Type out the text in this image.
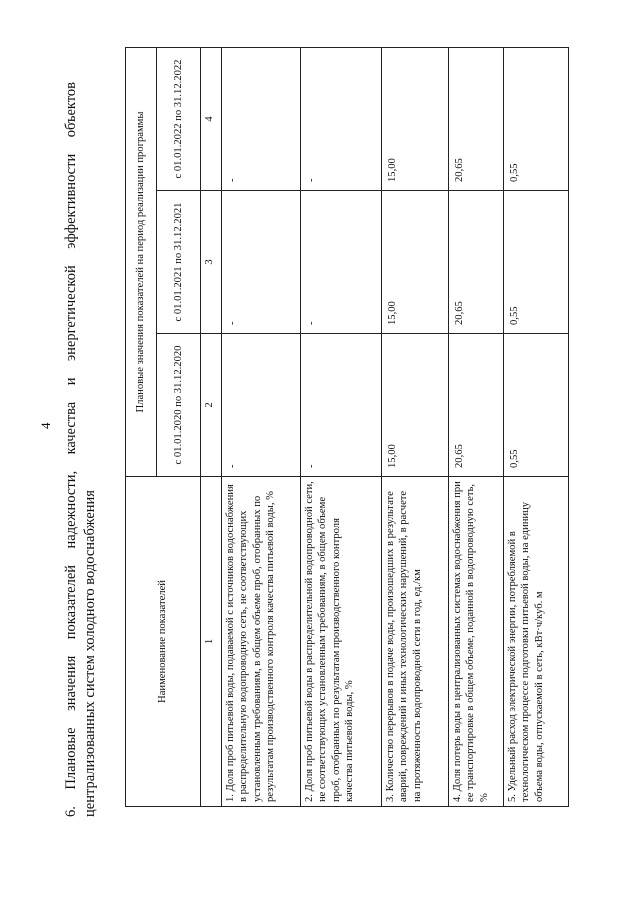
4 6. Плановые значения показателей надежности, качества и энергетической эффективности объектов централизованных систем холодного водоснабжения	Наименование показателей	Плановые значения показателей на период реализации программы		
	с 01.01.2020 по 31.12.2020	с 01.01.2021 по 31.12.2021	с 01.01.2022 по 31.12.2022
1	2	3	4
1. Доля проб питьевой воды, подаваемой с источников водоснабжения в распределительную водопроводную сеть, не соответствующих установленным требованиям, в общем объеме проб, отобранных по результатам производственного контроля качества питьевой воды, %	-	-	-
2. Доля проб питьевой воды в распределительной водопроводной сети, не соответствующих установленным требованиям, в общем объеме проб, отобранных по результатам производственного контроля качества питьевой воды, %	-	-	-
3. Количество перерывов в подаче воды, произошедших в результате аварий, повреждений и иных технологических нарушений, в расчете на протяженность водопроводной сети в год, ед./км	15,00	15,00	15,00
4. Доля потерь воды в централизованных системах водоснабжения при ее транспортировке в общем объеме, поданной в водопроводную сеть, %	20,65	20,65	20,65
5. Удельный расход электрической энергии, потребляемой в технологическом процессе подготовки питьевой воды, на единицу объема воды, отпускаемой в сеть, кВт·ч/куб. м	0,55	0,55	0,55
